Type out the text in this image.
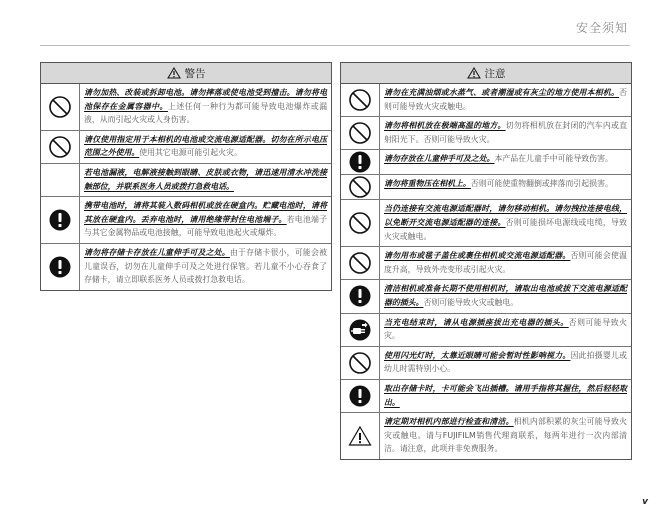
安全须知
警告
请勿加热、改装或拆卸电池。请勿摔落或使电池受到撞击。请勿将电池保存在金属容器中。上述任何一种行为都可能导致电池爆炸或漏液，从而引起火灾或人身伤害。
请仅使用指定用于本相机的电池或交流电源适配器。切勿在所示电压范围之外使用。使用其它电源可能引起火灾。
若电池漏液，电解液接触到眼睛、皮肤或衣物，请迅速用清水冲洗接触部位，并联系医务人员或拨打急救电话。
携带电池时，请将其装入数码相机或放在硬盒内。贮藏电池时，请将其放在硬盒内。丢弃电池时，请用绝缘带封住电池端子。若电池端子与其它金属物品或电池接触，可能导致电池起火或爆炸。
请勿将存储卡存放在儿童伸手可及之处。由于存储卡很小，可能会被儿童误吞，切勿在儿童伸手可及之处进行保管。若儿童不小心吞食了存储卡，请立即联系医务人员或拨打急救电话。
注意
请勿在充满油烟或水蒸气、或者潮湿或有灰尘的地方使用本相机。否则可能导致火灾或触电。
请勿将相机放在极端高温的地方。切勿将相机放在封闭的汽车内或直射阳光下。否则可能导致火灾。
请勿存放在儿童伸手可及之处。本产品在儿童手中可能导致伤害。
请勿将重物压在相机上。否则可能使重物翻倒或摔落而引起损害。
当仍连接有交流电源适配器时，请勿移动相机。请勿拽拉连接电线，以免断开交流电源适配器的连接。否则可能损坏电源线或电缆，导致火灾或触电。
请勿用布或毯子盖住或裹住相机或交流电源适配器。否则可能会使温度升高，导致外壳变形或引起火灾。
清洁相机或准备长期不使用相机时，请取出电池或拔下交流电源适配器的插头。否则可能导致火灾或触电。
当充电结束时，请从电源插座拔出充电器的插头。否则可能导致火灾。
使用闪光灯时，太靠近眼睛可能会暂时性影响视力。因此拍摄婴儿或幼儿时需特别小心。
取出存储卡时，卡可能会飞出插槽。请用手指将其握住，然后轻轻取出。
请定期对相机内部进行检查和清洁。相机内部积累的灰尘可能导致火灾或触电。请与FUJIFILM销售代理商联系，每两年进行一次内部清洁。请注意，此项并非免费服务。
v
